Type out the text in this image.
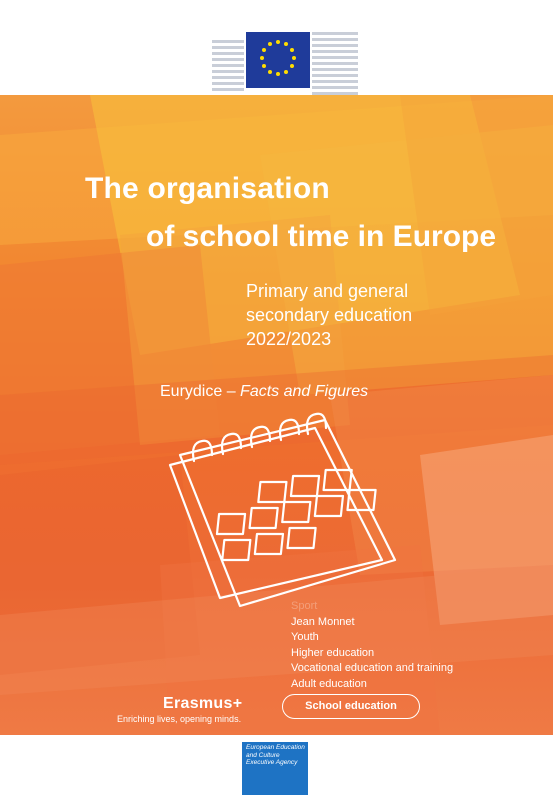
The organisation
of school time in Europe
Primary and general
secondary education
2022/2023
Eurydice – Facts and Figures
Sport
Jean Monnet
Youth
Higher education
Vocational education and training
Adult education
Erasmus+
Enriching lives, opening minds.
School education
European Education
and Culture
Executive Agency
